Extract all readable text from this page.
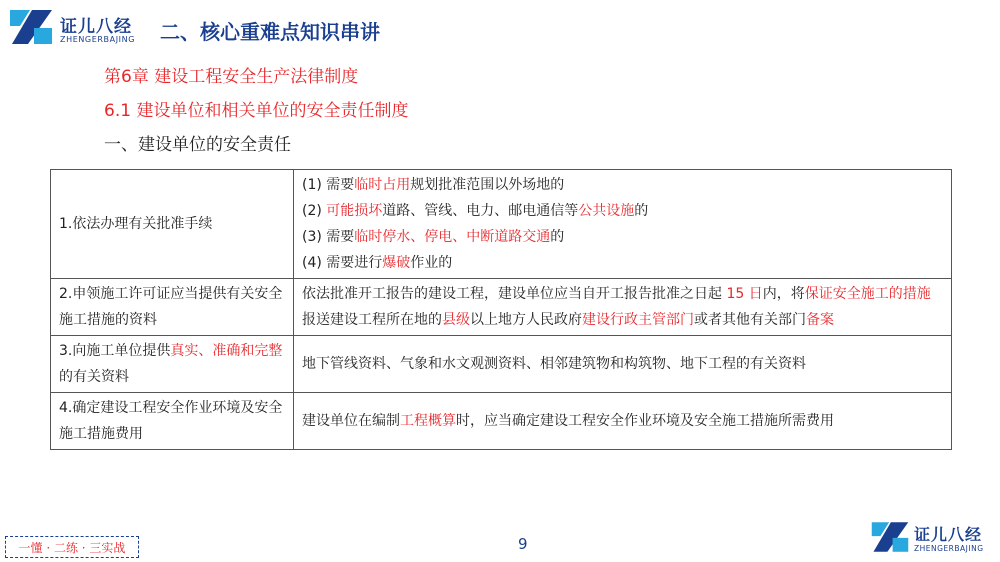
证儿八经
ZHENGERBAJING 二、核心重难点知识串讲
第6章 建设工程安全生产法律制度
6.1 建设单位和相关单位的安全责任制度
一、建设单位的安全责任
1.依法办理有关批准手续	(1) 需要临时占用规划批准范围以外场地的
(2) 可能损坏道路、管线、电力、邮电通信等公共设施的
(3) 需要临时停水、停电、中断道路交通的
(4) 需要进行爆破作业的

2.申领施工许可证应当提供有关安全施工措施的资料	依法批准开工报告的建设工程，建设单位应当自开工报告批准之日起 15 日内，将保证安全施工的措施报送建设工程所在地的县级以上地方人民政府建设行政主管部门或者其他有关部门备案

3.向施工单位提供真实、准确和完整的有关资料	地下管线资料、气象和水文观测资料、相邻建筑物和构筑物、地下工程的有关资料

4.确定建设工程安全作业环境及安全施工措施费用	建设单位在编制工程概算时，应当确定建设工程安全作业环境及安全施工措施所需费用
一懂 · 二练 · 三实战	9	证儿八经
ZHENGERBAJING
